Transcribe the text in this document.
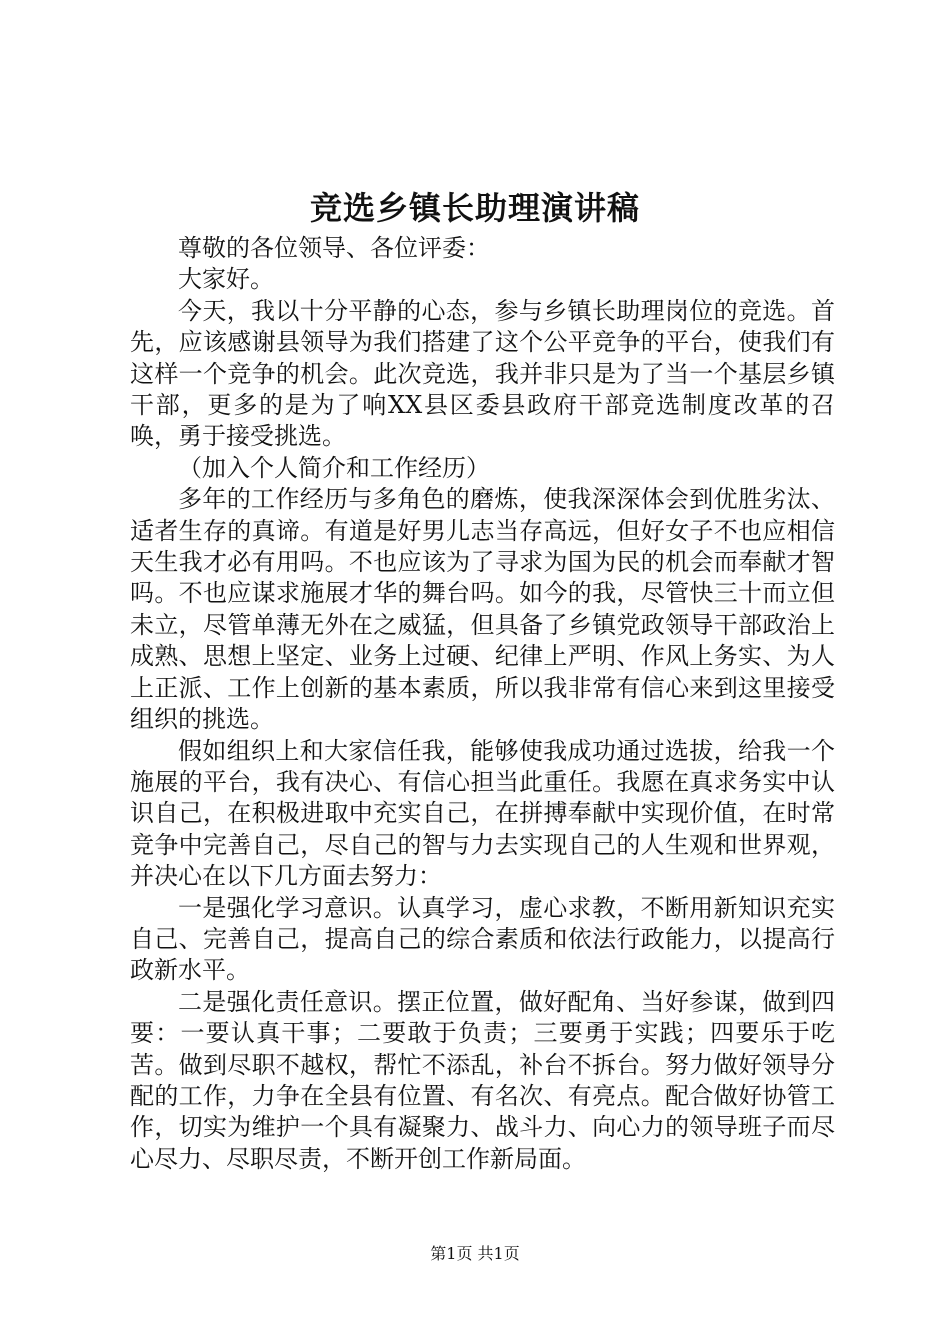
竞选乡镇长助理演讲稿

尊敬的各位领导、各位评委：

大家好。

今天，我以十分平静的心态，参与乡镇长助理岗位的竞选。首先，应该感谢县领导为我们搭建了这个公平竞争的平台，使我们有这样一个竞争的机会。此次竞选，我并非只是为了当一个基层乡镇干部，更多的是为了响XX县区委县政府干部竞选制度改革的召唤，勇于接受挑选。

（加入个人简介和工作经历）

多年的工作经历与多角色的磨炼，使我深深体会到优胜劣汰、适者生存的真谛。有道是好男儿志当存高远，但好女子不也应相信天生我才必有用吗。不也应该为了寻求为国为民的机会而奉献才智吗。不也应谋求施展才华的舞台吗。如今的我，尽管快三十而立但未立，尽管单薄无外在之威猛，但具备了乡镇党政领导干部政治上成熟、思想上坚定、业务上过硬、纪律上严明、作风上务实、为人上正派、工作上创新的基本素质，所以我非常有信心来到这里接受组织的挑选。

假如组织上和大家信任我，能够使我成功通过选拔，给我一个施展的平台，我有决心、有信心担当此重任。我愿在真求务实中认识自己，在积极进取中充实自己，在拼搏奉献中实现价值，在时常竞争中完善自己，尽自己的智与力去实现自己的人生观和世界观，并决心在以下几方面去努力：

一是强化学习意识。认真学习，虚心求教，不断用新知识充实自己、完善自己，提高自己的综合素质和依法行政能力，以提高行政新水平。

二是强化责任意识。摆正位置，做好配角、当好参谋，做到四要：一要认真干事；二要敢于负责；三要勇于实践；四要乐于吃苦。做到尽职不越权，帮忙不添乱，补台不拆台。努力做好领导分配的工作，力争在全县有位置、有名次、有亮点。配合做好协管工作，切实为维护一个具有凝聚力、战斗力、向心力的领导班子而尽心尽力、尽职尽责，不断开创工作新局面。

第1页 共1页
